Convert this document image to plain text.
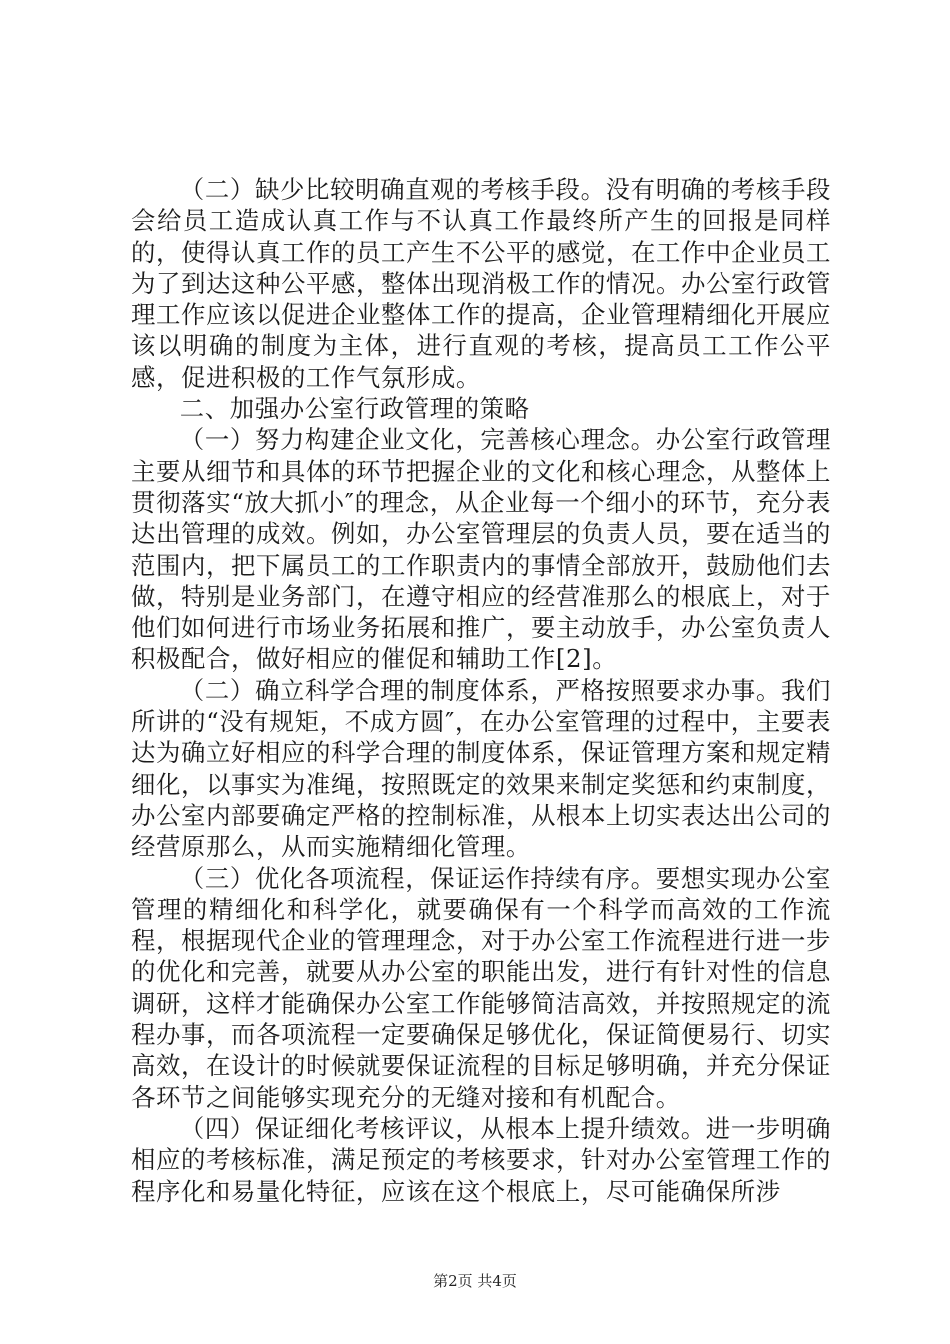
（二）缺少比较明确直观的考核手段。没有明确的考核手段会给员工造成认真工作与不认真工作最终所产生的回报是同样的，使得认真工作的员工产生不公平的感觉，在工作中企业员工为了到达这种公平感，整体出现消极工作的情况。办公室行政管理工作应该以促进企业整体工作的提高，企业管理精细化开展应该以明确的制度为主体，进行直观的考核，提高员工工作公平感，促进积极的工作气氛形成。

二、加强办公室行政管理的策略

（一）努力构建企业文化，完善核心理念。办公室行政管理主要从细节和具体的环节把握企业的文化和核心理念，从整体上贯彻落实“放大抓小″的理念，从企业每一个细小的环节，充分表达出管理的成效。例如，办公室管理层的负责人员，要在适当的范围内，把下属员工的工作职责内的事情全部放开，鼓励他们去做，特别是业务部门，在遵守相应的经营准那么的根底上，对于他们如何进行市场业务拓展和推广，要主动放手，办公室负责人积极配合，做好相应的催促和辅助工作[2]。

（二）确立科学合理的制度体系，严格按照要求办事。我们所讲的“没有规矩，不成方圆″，在办公室管理的过程中，主要表达为确立好相应的科学合理的制度体系，保证管理方案和规定精细化，以事实为准绳，按照既定的效果来制定奖惩和约束制度，办公室内部要确定严格的控制标准，从根本上切实表达出公司的经营原那么，从而实施精细化管理。

（三）优化各项流程，保证运作持续有序。要想实现办公室管理的精细化和科学化，就要确保有一个科学而高效的工作流程，根据现代企业的管理理念，对于办公室工作流程进行进一步的优化和完善，就要从办公室的职能出发，进行有针对性的信息调研，这样才能确保办公室工作能够简洁高效，并按照规定的流程办事，而各项流程一定要确保足够优化，保证简便易行、切实高效，在设计的时候就要保证流程的目标足够明确，并充分保证各环节之间能够实现充分的无缝对接和有机配合。

（四）保证细化考核评议，从根本上提升绩效。进一步明确相应的考核标准，满足预定的考核要求，针对办公室管理工作的程序化和易量化特征，应该在这个根底上，尽可能确保所涉

第2页 共4页
